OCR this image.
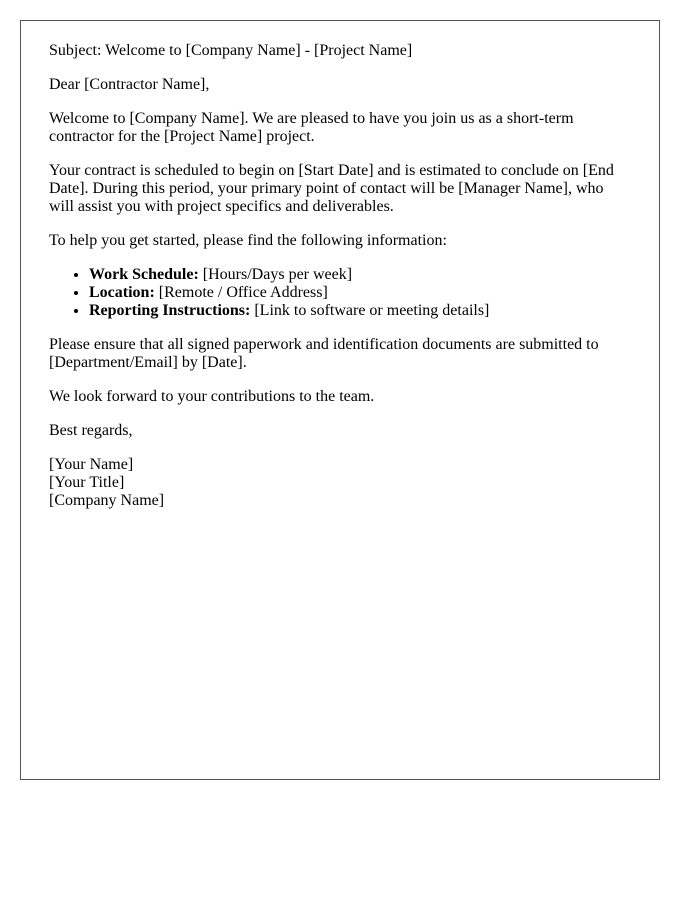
Subject: Welcome to [Company Name] - [Project Name]

Dear [Contractor Name],

Welcome to [Company Name]. We are pleased to have you join us as a short-term contractor for the [Project Name] project.

Your contract is scheduled to begin on [Start Date] and is estimated to conclude on [End Date]. During this period, your primary point of contact will be [Manager Name], who will assist you with project specifics and deliverables.

To help you get started, please find the following information:

• Work Schedule: [Hours/Days per week]
• Location: [Remote / Office Address]
• Reporting Instructions: [Link to software or meeting details]

Please ensure that all signed paperwork and identification documents are submitted to [Department/Email] by [Date].

We look forward to your contributions to the team.

Best regards,

[Your Name]

[Your Title]

[Company Name]
